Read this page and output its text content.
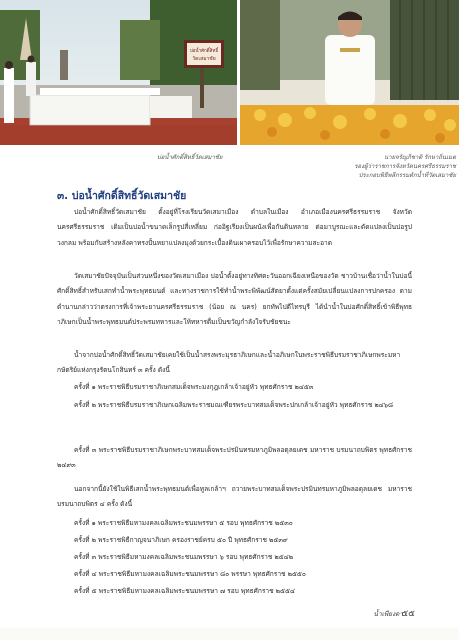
บ่อน้ำศักดิ์สิทธิ์
วัดเสมาชัย
บ่อน้ำศักดิ์สิทธิ์วัดเสมาชัย	นายจรัญภิชาติ รักษาถิ่นเมต
รองผู้ว่าราชการจังหวัดนครศรีธรรมราช
ประกอบพิธีพลีกรรมตักน้ำที่วัดเสมาชัย
๓. บ่อน้ำศักดิ์สิทธิ์วัดเสมาชัย
บ่อน้ำศักดิ์สิทธิ์วัดเสมาชัย ตั้งอยู่ที่โรงเรียนวัดเสมาเมือง ตำบลในเมือง อำเภอเมืองนครศรีธรรมราช จังหวัดนครศรีธรรมราช เดิมเป็นบ่อน้ำขนาดเล็กรูปสี่เหลี่ยม ก่ออิฐเรียงเป็นผนังเพื่อกันดินทลาย ต่อมาบูรณะและดัดแปลงเป็นบ่อรูปวงกลม พร้อมกับสร้างหลังคาทรงปั้นหยาแปลงมุงด้วยกระเบื้องดินเผาครอบไว้เพื่อรักษาความสะอาด
วัดเสมาชัยปัจจุบันเป็นส่วนหนึ่งของวัดเสมาเมือง บ่อน้ำตั้งอยู่ทางทิศตะวันออกเฉียงเหนือของวัด ชาวบ้านเชื่อว่าน้ำในบ่อนี้ศักดิ์สิทธิ์สำหรับเสกทำน้ำพระพุทธมนต์ และทางราชการใช้ทำน้ำพระพิพัฒน์สัตยาตั้งแต่ครั้งสมัยเปลี่ยนแปลงการปกครอง ตามตำนานกล่าวว่าตรงการที่เจ้าพระยานครศรีธรรมราช (น้อย ณ นคร) ยกทัพไปตีไทรบุรี ได้นำน้ำในบ่อศักดิ์สิทธิ์เข้าพิธีพุทธาภิเษกเป็นน้ำพระพุทธมนต์ประพรมทหารและให้ทหารดื่มเป็นขวัญกำลังใจรับชัยชนะ
น้ำจากบ่อน้ำศักดิ์สิทธิ์วัดเสมาชัยเคยใช้เป็นน้ำสรงพระมุรธาภิเษกและน้ำอภิเษกในพระราชพิธีบรมราชาภิเษกพระมหากษัตริย์แห่งกรุงรัตนโกสินทร์ ๓ ครั้ง ดังนี้
ครั้งที่ ๑ พระราชพิธีบรมราชาภิเษกสมเด็จพระมงกุฎเกล้าเจ้าอยู่หัว พุทธศักราช ๒๔๕๓
ครั้งที่ ๒ พระราชพิธีบรมราชาภิเษกเฉลิมพระราชมณเฑียรพระบาทสมเด็จพระปกเกล้าเจ้าอยู่หัว พุทธศักราช ๒๔๖๘
ครั้งที่ ๓ พระราชพิธีบรมราชาภิเษกพระบาทสมเด็จพระปรมินทรมหาภูมิพลอดุลยเดช มหาราช บรมนาถบพิตร พุทธศักราช ๒๔๙๓
นอกจากนี้ยังใช้ในพิธีเสกน้ำพระพุทธมนต์เพื่อทูลเกล้าฯ ถวายพระบาทสมเด็จพระปรมินทรมหาภูมิพลอดุลยเดช มหาราช บรมนาถบพิตร ๔ ครั้ง ดังนี้
ครั้งที่ ๑ พระราชพิธีมหามงคลเฉลิมพระชนมพรรษา ๕ รอบ พุทธศักราช ๒๕๓๐
ครั้งที่ ๒ พระราชพิธีกาญจนาภิเษก ครองราชย์ครบ ๕๐ ปี พุทธศักราช ๒๕๓๙
ครั้งที่ ๓ พระราชพิธีมหามงคลเฉลิมพระชนมพรรษา ๖ รอบ พุทธศักราช ๒๕๔๒
ครั้งที่ ๔ พระราชพิธีมหามงคลเฉลิมพระชนมพรรษา ๘๐ พรรษา พุทธศักราช ๒๕๕๐
ครั้งที่ ๕ พระราชพิธีมหามงคลเฉลิมพระชนมพรรษา ๗ รอบ พุทธศักราช ๒๕๕๔
น้ำเพียงดา
๕๕
